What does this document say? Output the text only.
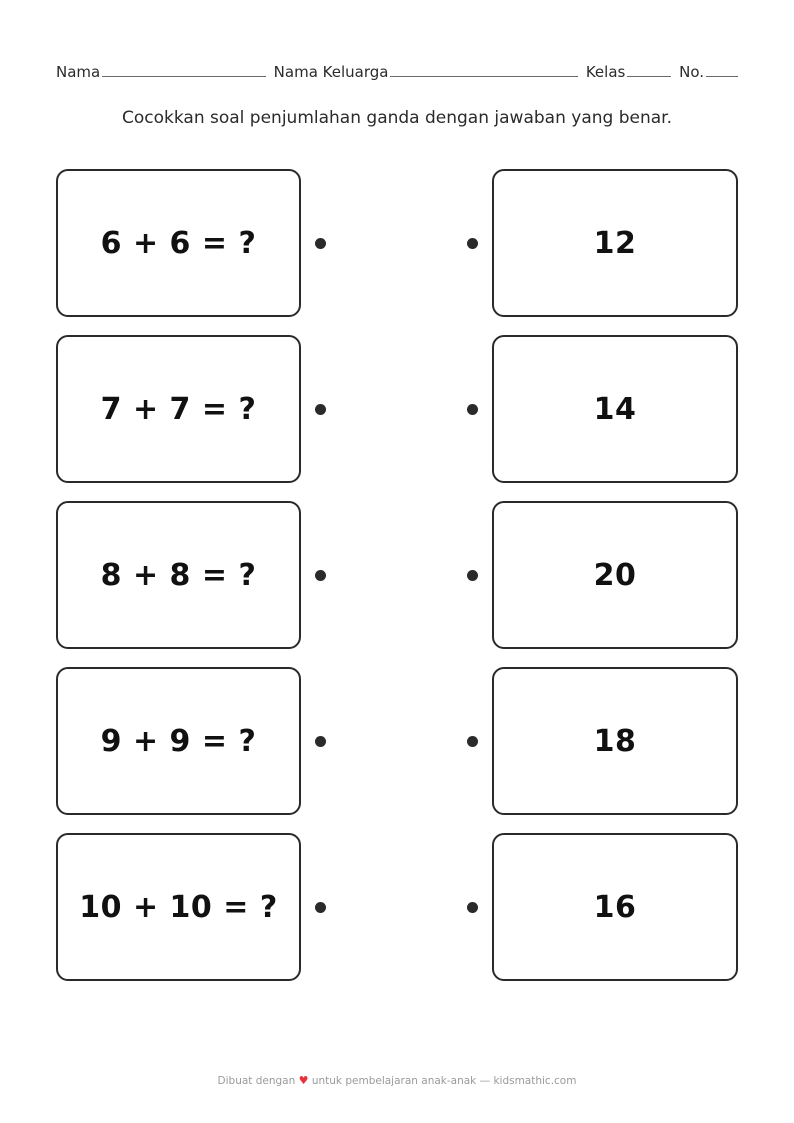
Nama	Nama Keluarga	Kelas	No.
Cocokkan soal penjumlahan ganda dengan jawaban yang benar.
6 + 6 = ?	12
7 + 7 = ?	14
8 + 8 = ?	20
9 + 9 = ?	18
10 + 10 = ?	16
Dibuat dengan ♥ untuk pembelajaran anak-anak — kidsmathic.com
